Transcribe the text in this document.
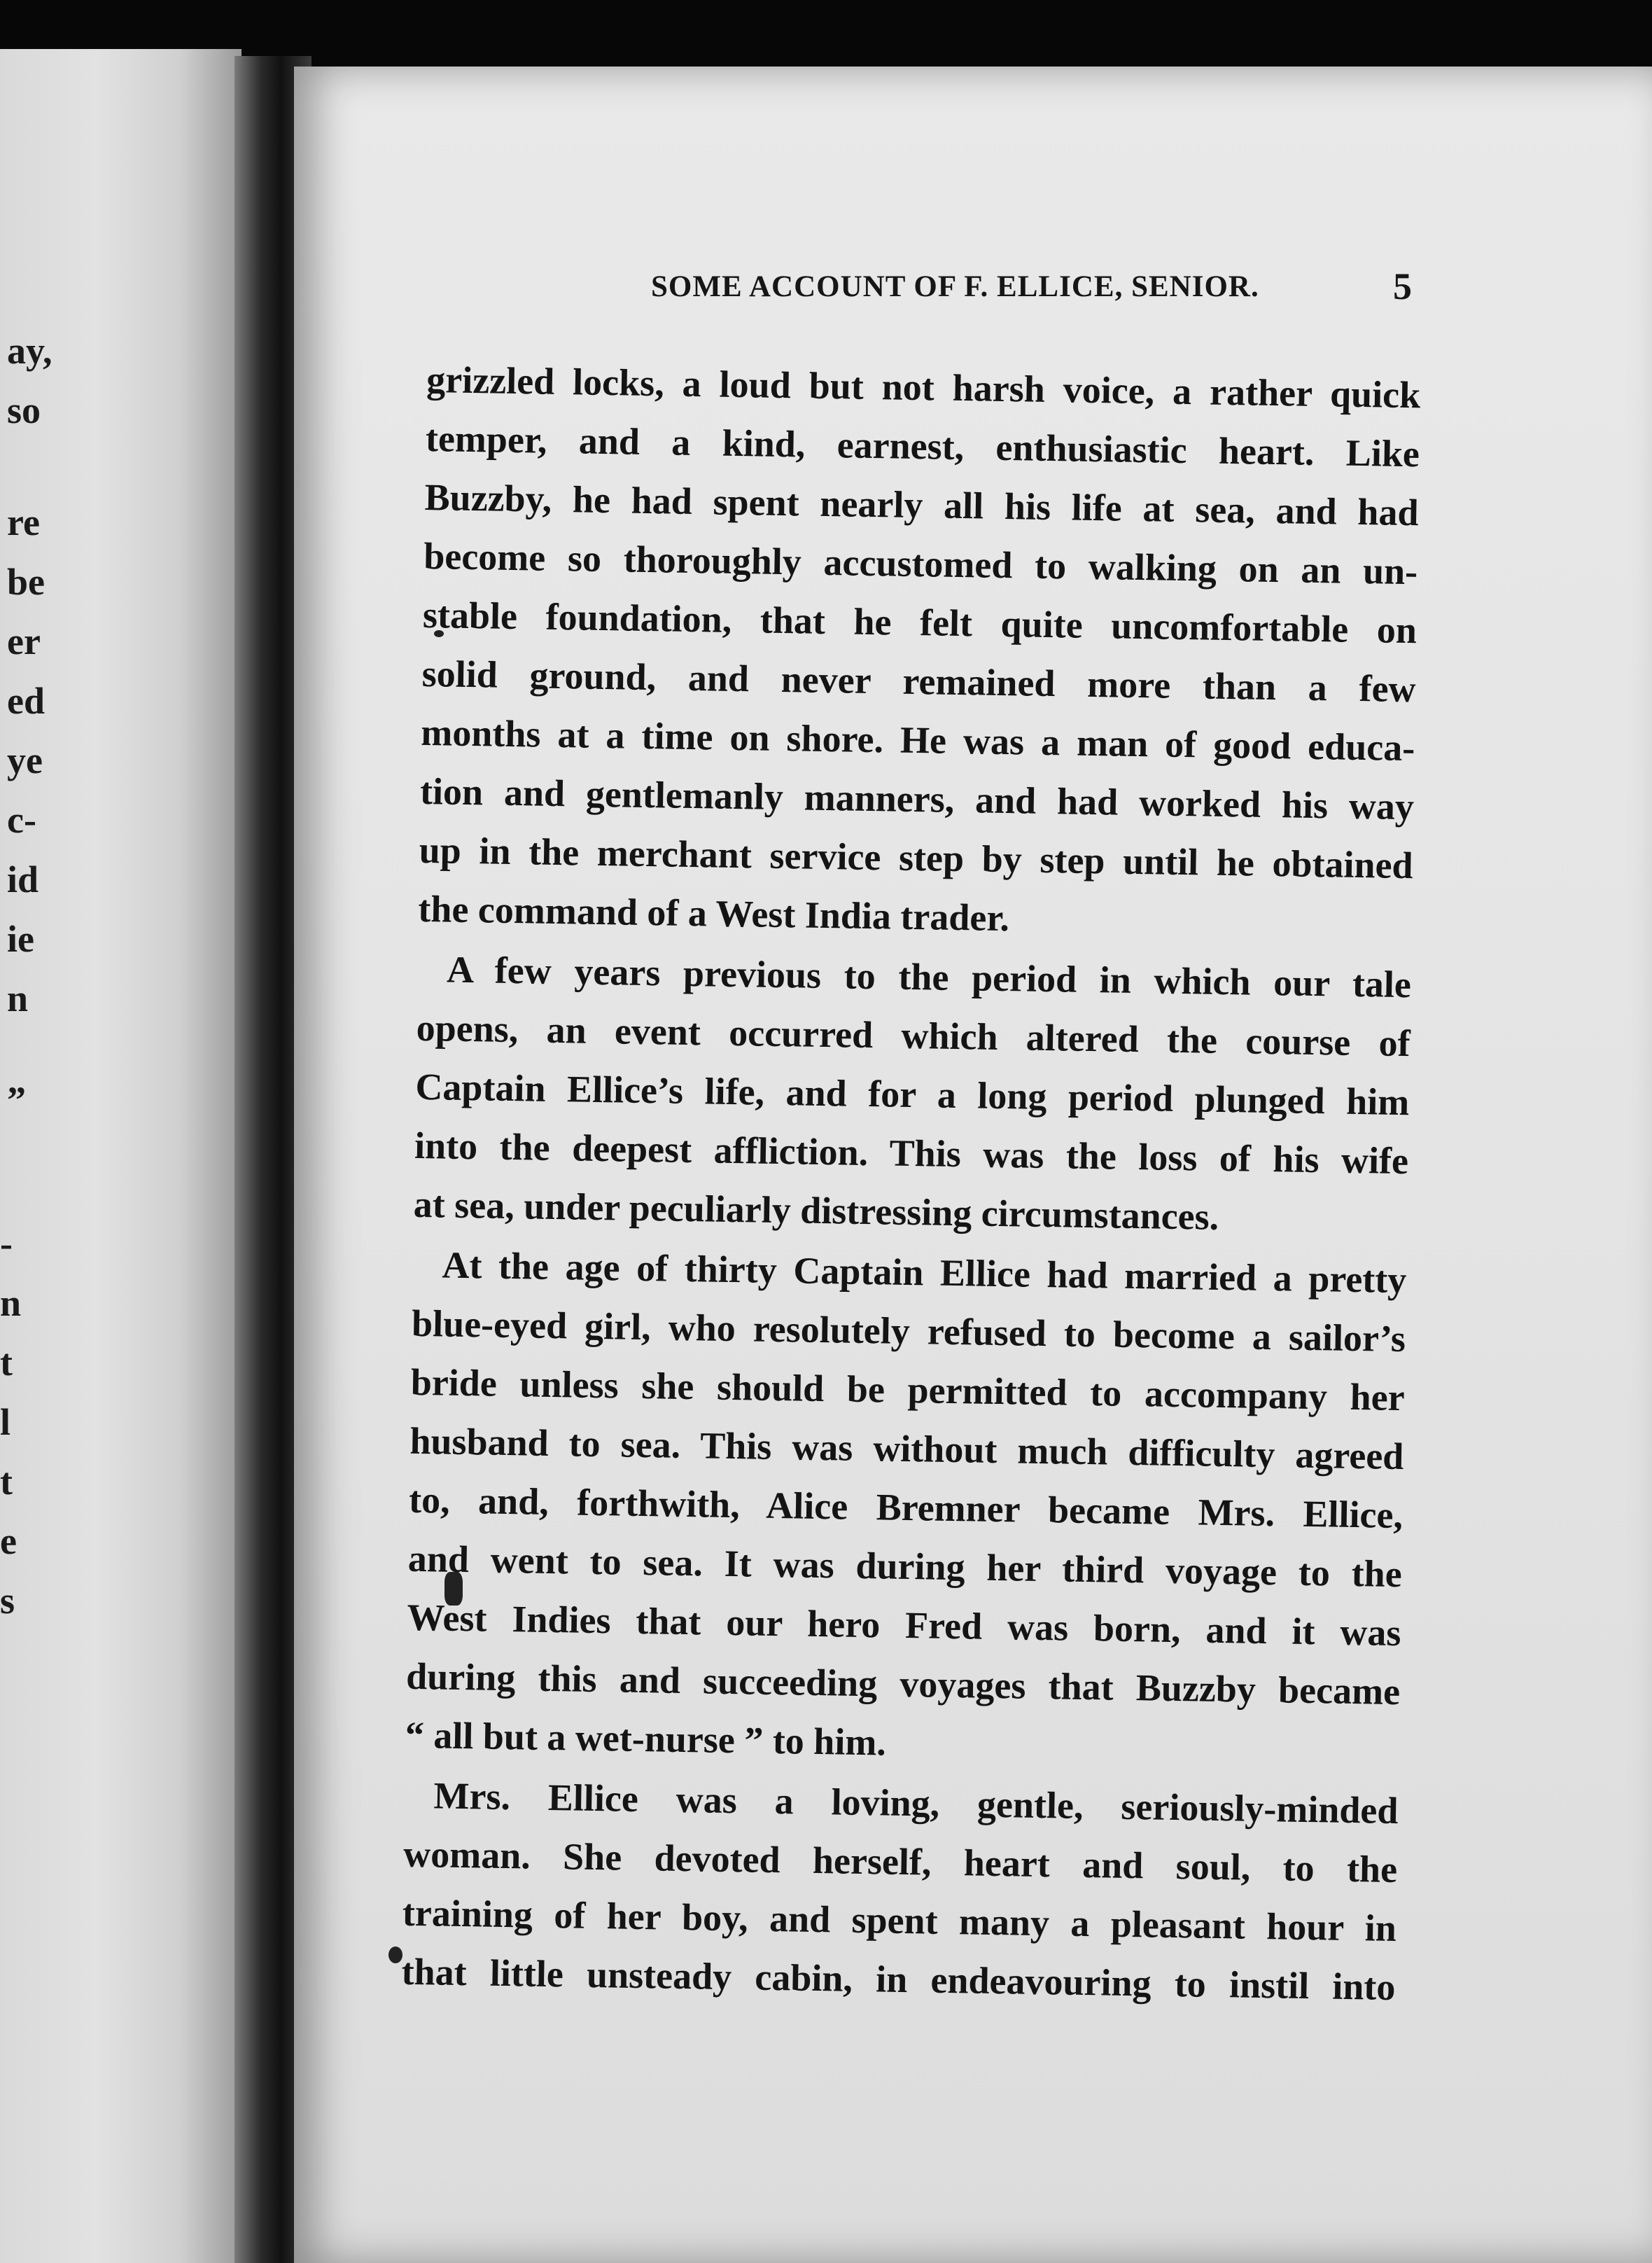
ay,
so
re
be
er
ed
ye
c-
id
ie
n
”
-
n
t
l
t
e
s
SOME ACCOUNT OF F. ELLICE, SENIOR.	5
grizzled locks, a loud but not harsh voice, a rather quick
temper, and a kind, earnest, enthusiastic heart. Like
Buzzby, he had spent nearly all his life at sea, and had
become so thoroughly accustomed to walking on an un-
stable foundation, that he felt quite uncomfortable on
solid ground, and never remained more than a few
months at a time on shore. He was a man of good educa-
tion and gentlemanly manners, and had worked his way
up in the merchant service step by step until he obtained
the command of a West India trader.
A few years previous to the period in which our tale
opens, an event occurred which altered the course of
Captain Ellice’s life, and for a long period plunged him
into the deepest affliction. This was the loss of his wife
at sea, under peculiarly distressing circumstances.
At the age of thirty Captain Ellice had married a pretty
blue-eyed girl, who resolutely refused to become a sailor’s
bride unless she should be permitted to accompany her
husband to sea. This was without much difficulty agreed
to, and, forthwith, Alice Bremner became Mrs. Ellice,
and went to sea. It was during her third voyage to the
West Indies that our hero Fred was born, and it was
during this and succeeding voyages that Buzzby became
“ all but a wet-nurse ” to him.
Mrs. Ellice was a loving, gentle, seriously-minded
woman. She devoted herself, heart and soul, to the
training of her boy, and spent many a pleasant hour in
that little unsteady cabin, in endeavouring to instil into
